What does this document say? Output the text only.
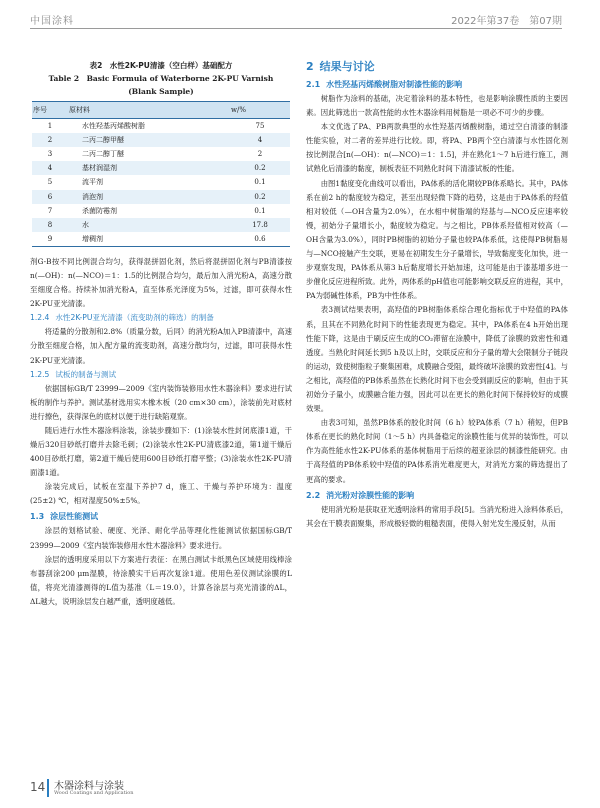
中国涂料	2022年第37卷　第07期
表2　水性2K-PU清漆（空白样）基础配方
Table 2　Basic Formula of Waterborne 2K-PU Varnish
(Blank Sample)
序号	原材料	w/%
1	水性羟基丙烯酸树脂	75
2	二丙二醇甲醚	4
3	二丙二醇丁醚	2
4	基材润湿剂	0.2
5	流平剂	0.1
6	消泡剂	0.2
7	杀菌防霉剂	0.1
8	水	17.8
9	增稠剂	0.6

剂G-B按不同比例混合均匀，获得混拼固化剂，然后将混拼固化剂与PB清漆按n(—OH)：n(—NCO)＝1：1.5的比例混合均匀，最后加入消光粉A，高速分散至细度合格。持续补加消光粉A，直至体系光泽度为5%，过滤，即可获得水性2K-PU亚光清漆。

1.2.4 水性2K-PU亚光清漆（流变助剂的筛选）的制备

将适量的分散剂和2.8%（质量分数，后同）的消光粉A加入PB清漆中，高速分散至细度合格，加入配方量的流变助剂，高速分散均匀，过滤，即可获得水性2K-PU亚光清漆。

1.2.5 试板的制备与测试

依据国标GB/T 23999—2009《室内装饰装修用水性木器涂料》要求进行试板的制作与养护。测试基材选用实木橡木板（20 cm×30 cm），涂装前先对底材进行擦色，获得深色的底材以便于进行缺陷观察。

随后进行水性木器涂料涂装，涂装步骤如下：(1)涂装水性封闭底漆1道，干燥后320目砂纸打磨并去除毛刺；(2)涂装水性2K-PU清底漆2道，第1道干燥后400目砂纸打磨，第2道干燥后使用600目砂纸打磨平整；(3)涂装水性2K-PU清面漆1道。

涂装完成后，试板在室温下养护7 d，施工、干燥与养护环境为：温度(25±2) ℃，相对湿度50%±5%。

1.3 涂层性能测试

涂层的划格试验、硬度、光泽、耐化学品等理化性能测试依据国标GB/T 23999—2009《室内装饰装修用水性木器涂料》要求进行。

涂层的透明度采用以下方案进行表征：在黑白测试卡纸黑色区域使用线棒涂布器刮涂200 μm湿膜，待涂膜实干后再次复涂1道。使用色差仪测试涂膜的L值，将亮光清漆测得的L值为基准（L＝19.0），计算各涂层与亮光清漆的ΔL，ΔL越大，说明涂层发白越严重，透明度越低。

2 结果与讨论
2.1 水性羟基丙烯酸树脂对制漆性能的影响

树脂作为涂料的基础，决定着涂料的基本特性，也是影响涂膜性质的主要因素。因此筛选出一款高性能的水性木器涂料用树脂是一项必不可少的步骤。

本文优选了PA、PB两款典型的水性羟基丙烯酸树脂，通过空白清漆的制漆性能实验，对二者的差异进行比较。即，将PA、PB两个空白清漆与水性固化剂按比例混合[n(—OH)：n(—NCO)＝1：1.5]，并在熟化1～7 h后进行施工，测试熟化后清漆的黏度，制板表征不同熟化时间下清漆试板的性能。

由图1黏度变化曲线可以看出，PA体系的活化期较PB体系略长。其中，PA体系在前2 h的黏度较为稳定，甚至出现轻微下降的趋势，这是由于PA体系的羟值相对较低（—OH含量为2.0%），在水相中树脂端的羟基与—NCO反应速率较慢，初始分子量增长小，黏度较为稳定。与之相比，PB体系羟值相对较高（—OH含量为3.0%），同时PB树脂的初始分子量也较PA体系低，这使得PB树脂易与—NCO接触产生交联，更易在初期发生分子量增长，导致黏度变化加快，进一步观察发现，PA体系从第3 h后黏度增长开始加速，这可能是由于漆基增多进一步催化反应进程所致。此外，两体系的pH值也可能影响交联反应的进程，其中，PA为弱碱性体系，PB为中性体系。

表3测试结果表明，高羟值的PB树脂体系综合理化指标优于中羟值的PA体系，且其在不同熟化时间下的性能表现更为稳定。其中，PA体系在4 h开始出现性能下降，这是由于刷反应生成的CO₂滞留在涂膜中，降低了涂膜的致密性和通透度。当熟化时间延长到5 h及以上时，交联反应和分子量的增大会限制分子链段的运动，致使树脂粒子聚集困难，成膜融合受阻，最终破坏涂膜的致密性[4]。与之相比，高羟值的PB体系虽然在长熟化时间下也会受到副反应的影响，但由于其初始分子量小，成膜融合能力强，因此可以在更长的熟化时间下保持较好的成膜效果。

由表3可知，虽然PB体系的胶化时间（6 h）较PA体系（7 h）稍短，但PB体系在更长的熟化时间（1～5 h）内具备稳定的涂膜性能与优异的装饰性，可以作为高性能水性2K-PU体系的基体树脂用于后续的超亚涂层的制漆性能研究。由于高羟值的PB体系较中羟值的PA体系消光难度更大，对消光方案的筛选提出了更高的要求。

2.2 消光粉对涂膜性能的影响

使用消光粉是获取亚光透明涂料的常用手段[5]。当消光粉进入涂料体系后，其会在干膜表面聚集，形成极轻微的粗糙表面，使得入射光发生漫反射，从而

14 木器涂料与涂装
Wood Coatings and Application
